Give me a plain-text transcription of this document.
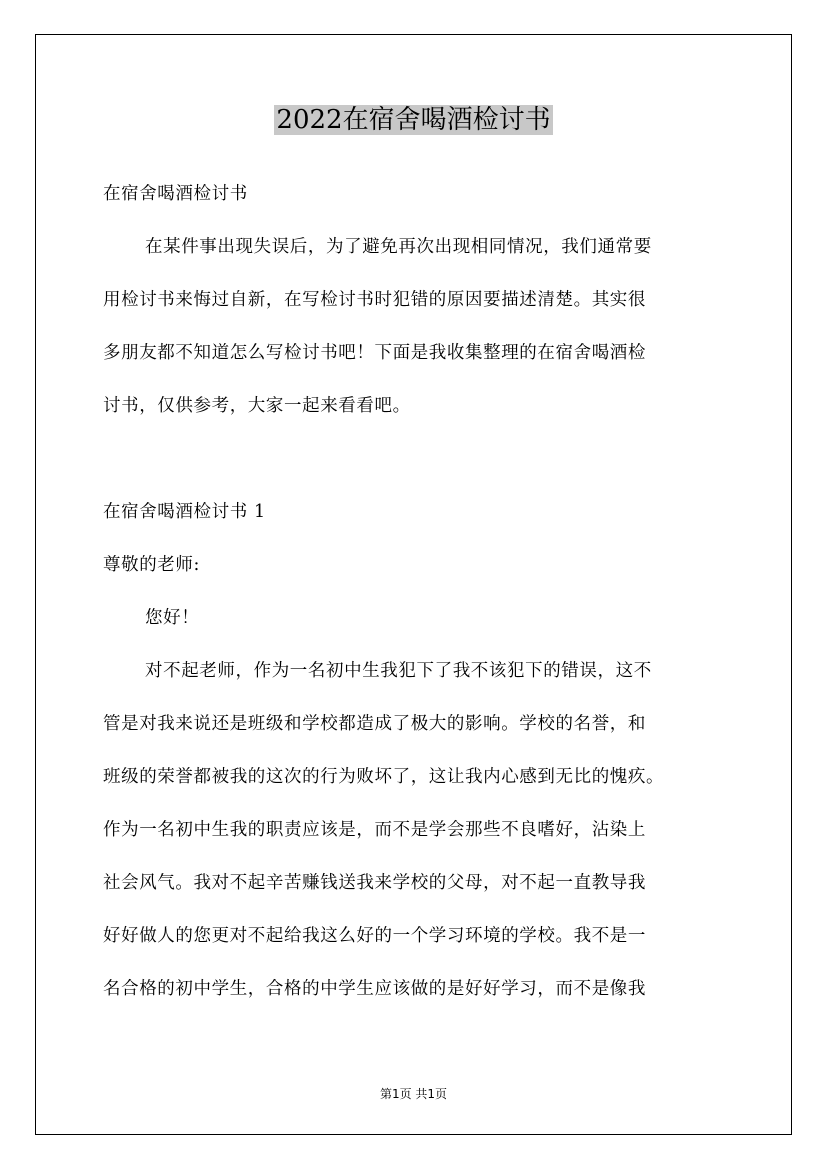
2022在宿舍喝酒检讨书
在宿舍喝酒检讨书
在某件事出现失误后，为了避免再次出现相同情况，我们通常要
用检讨书来悔过自新，在写检讨书时犯错的原因要描述清楚。其实很
多朋友都不知道怎么写检讨书吧！下面是我收集整理的在宿舍喝酒检
讨书，仅供参考，大家一起来看看吧。
在宿舍喝酒检讨书 1
尊敬的老师:
您好！
对不起老师，作为一名初中生我犯下了我不该犯下的错误，这不
管是对我来说还是班级和学校都造成了极大的影响。学校的名誉，和
班级的荣誉都被我的这次的行为败坏了，这让我内心感到无比的愧疚。
作为一名初中生我的职责应该是，而不是学会那些不良嗜好，沾染上
社会风气。我对不起辛苦赚钱送我来学校的父母，对不起一直教导我
好好做人的您更对不起给我这么好的一个学习环境的学校。我不是一
名合格的初中学生，合格的中学生应该做的是好好学习，而不是像我
第1页 共1页
